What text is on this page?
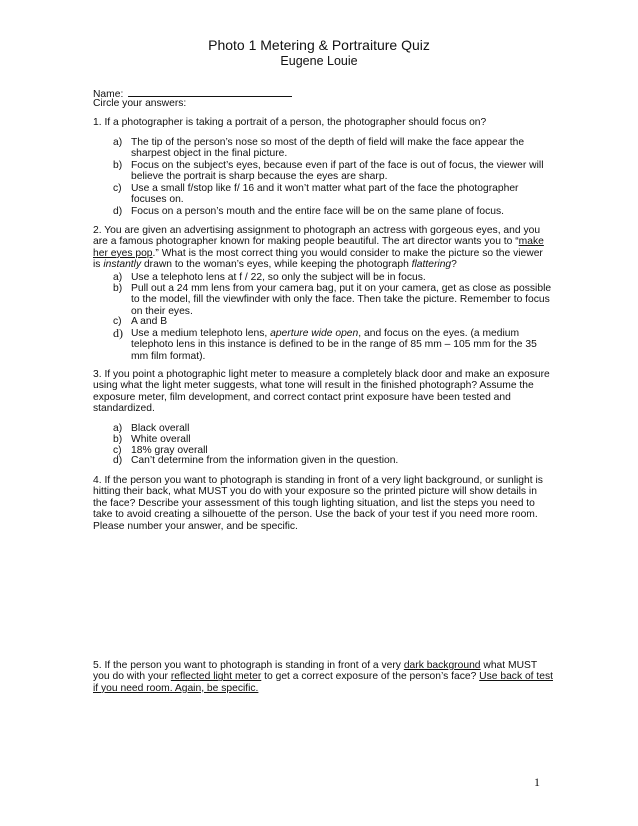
Photo 1 Metering & Portraiture Quiz
Eugene Louie
Name:
Circle your answers:
1. If a photographer is taking a portrait of a person, the photographer should focus on?
a) The tip of the person’s nose so most of the depth of field will make the face appear the sharpest object in the final picture.
b) Focus on the subject’s eyes, because even if part of the face is out of focus, the viewer will believe the portrait is sharp because the eyes are sharp.
c) Use a small f/stop like f/ 16 and it won’t matter what part of the face the photographer focuses on.
d) Focus on a person’s mouth and the entire face will be on the same plane of focus.
2. You are given an advertising assignment to photograph an actress with gorgeous eyes, and you are a famous photographer known for making people beautiful. The art director wants you to “make her eyes pop.” What is the most correct thing you would consider to make the picture so the viewer is instantly drawn to the woman’s eyes, while keeping the photograph flattering?
a) Use a telephoto lens at f / 22, so only the subject will be in focus.
b) Pull out a 24 mm lens from your camera bag, put it on your camera, get as close as possible to the model, fill the viewfinder with only the face. Then take the picture. Remember to focus on their eyes.
c) A and B
d) Use a medium telephoto lens, aperture wide open, and focus on the eyes. (a medium telephoto lens in this instance is defined to be in the range of 85 mm – 105 mm for the 35 mm film format).
3. If you point a photographic light meter to measure a completely black door and make an exposure using what the light meter suggests, what tone will result in the finished photograph? Assume the exposure meter, film development, and correct contact print exposure have been tested and standardized.
a) Black overall
b) White overall
c) 18% gray overall
d) Can’t determine from the information given in the question.
4. If the person you want to photograph is standing in front of a very light background, or sunlight is hitting their back, what MUST you do with your exposure so the printed picture will show details in the face? Describe your assessment of this tough lighting situation, and list the steps you need to take to avoid creating a silhouette of the person. Use the back of your test if you need more room. Please number your answer, and be specific.
5. If the person you want to photograph is standing in front of a very dark background what MUST you do with your reflected light meter to get a correct exposure of the person’s face? Use back of test if you need room. Again, be specific.
1
